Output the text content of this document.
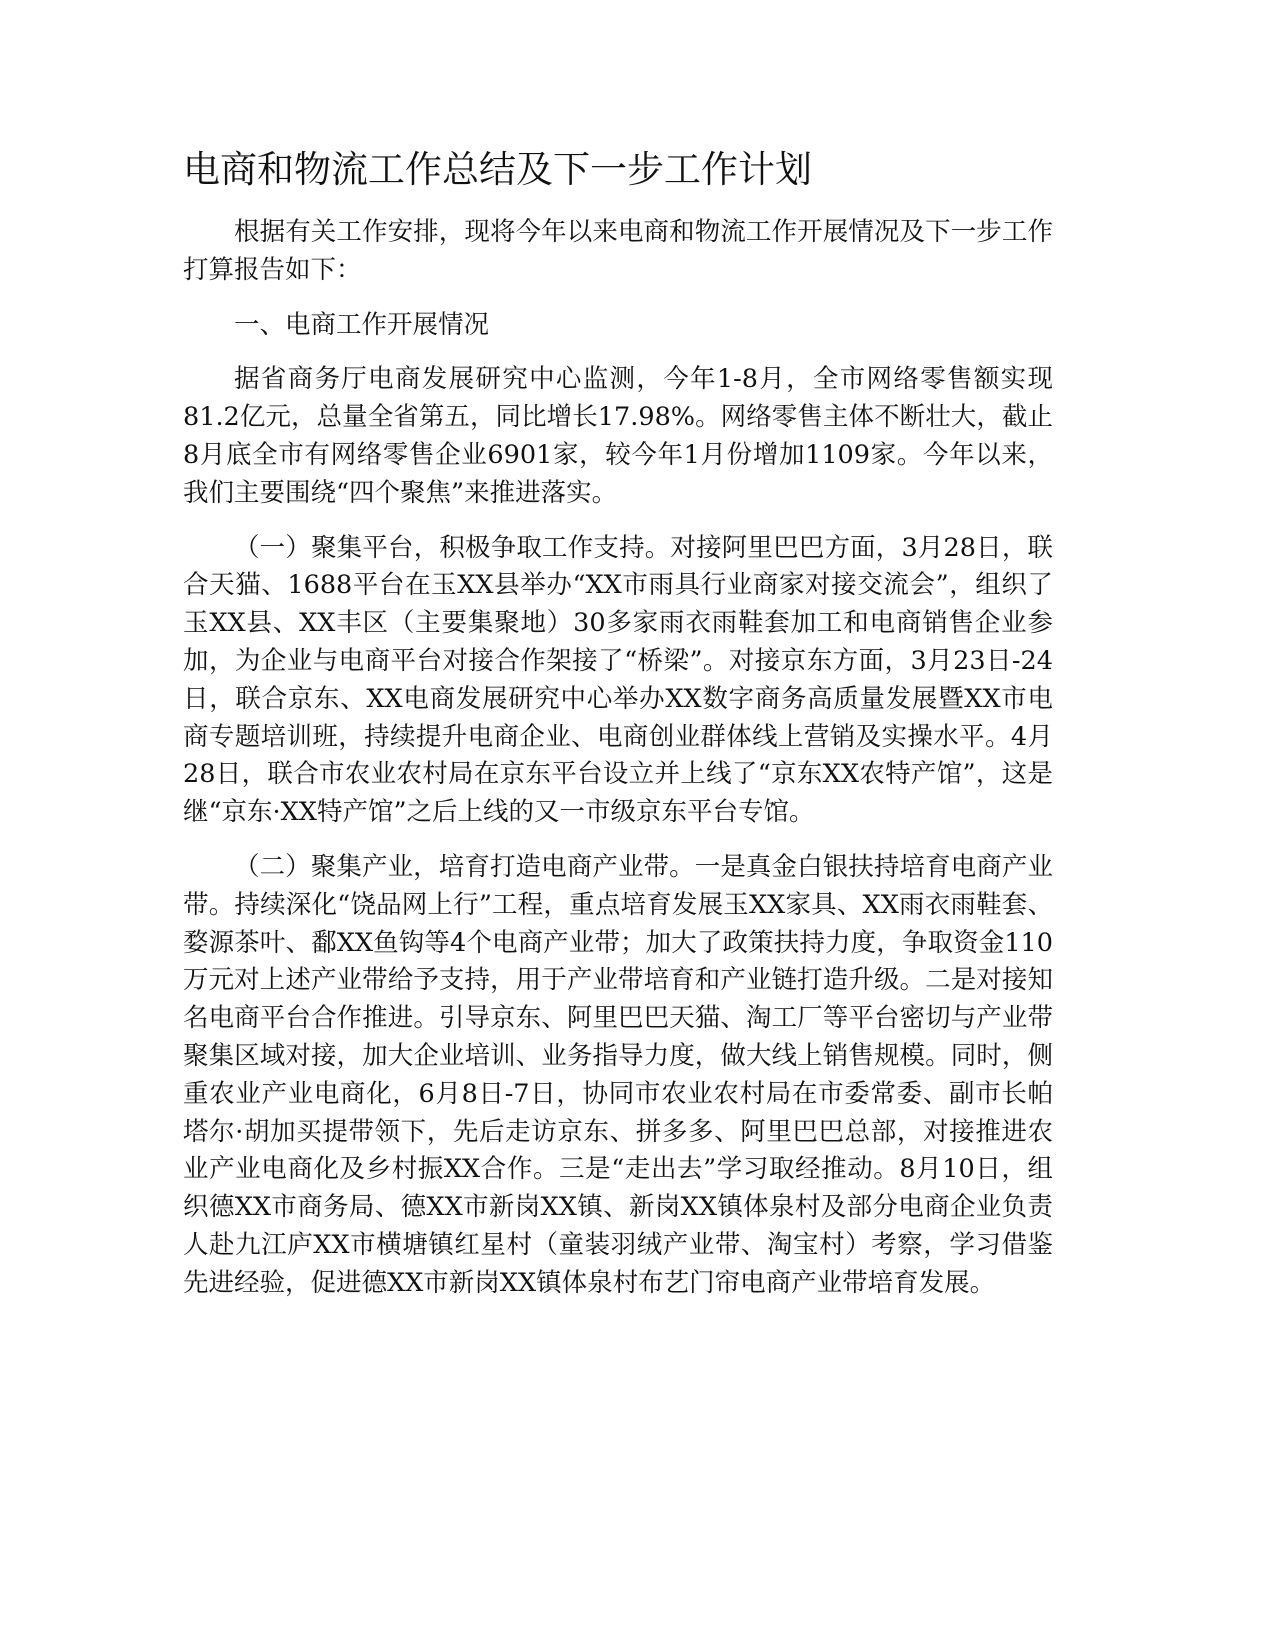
电商和物流工作总结及下一步工作计划

根据有关工作安排，现将今年以来电商和物流工作开展情况及下一步工作打算报告如下：

一、电商工作开展情况

据省商务厅电商发展研究中心监测，今年1-8月，全市网络零售额实现81.2亿元，总量全省第五，同比增长17.98%。网络零售主体不断壮大，截止8月底全市有网络零售企业6901家，较今年1月份增加1109家。今年以来，我们主要围绕“四个聚焦”来推进落实。

（一）聚集平台，积极争取工作支持。对接阿里巴巴方面，3月28日，联合天猫、1688平台在玉XX县举办“XX市雨具行业商家对接交流会”，组织了玉XX县、XX丰区（主要集聚地）30多家雨衣雨鞋套加工和电商销售企业参加，为企业与电商平台对接合作架接了“桥梁”。对接京东方面，3月23日-24日，联合京东、XX电商发展研究中心举办XX数字商务高质量发展暨XX市电商专题培训班，持续提升电商企业、电商创业群体线上营销及实操水平。4月28日，联合市农业农村局在京东平台设立并上线了“京东XX农特产馆”，这是继“京东·XX特产馆”之后上线的又一市级京东平台专馆。

（二）聚集产业，培育打造电商产业带。一是真金白银扶持培育电商产业带。持续深化“饶品网上行”工程，重点培育发展玉XX家具、XX雨衣雨鞋套、婺源茶叶、鄱XX鱼钩等4个电商产业带；加大了政策扶持力度，争取资金110万元对上述产业带给予支持，用于产业带培育和产业链打造升级。二是对接知名电商平台合作推进。引导京东、阿里巴巴天猫、淘工厂等平台密切与产业带聚集区域对接，加大企业培训、业务指导力度，做大线上销售规模。同时，侧重农业产业电商化，6月8日-7日，协同市农业农村局在市委常委、副市长帕塔尔·胡加买提带领下，先后走访京东、拼多多、阿里巴巴总部，对接推进农业产业电商化及乡村振XX合作。三是“走出去”学习取经推动。8月10日，组织德XX市商务局、德XX市新岗XX镇、新岗XX镇体泉村及部分电商企业负责人赴九江庐XX市横塘镇红星村（童装羽绒产业带、淘宝村）考察，学习借鉴先进经验，促进德XX市新岗XX镇体泉村布艺门帘电商产业带培育发展。
